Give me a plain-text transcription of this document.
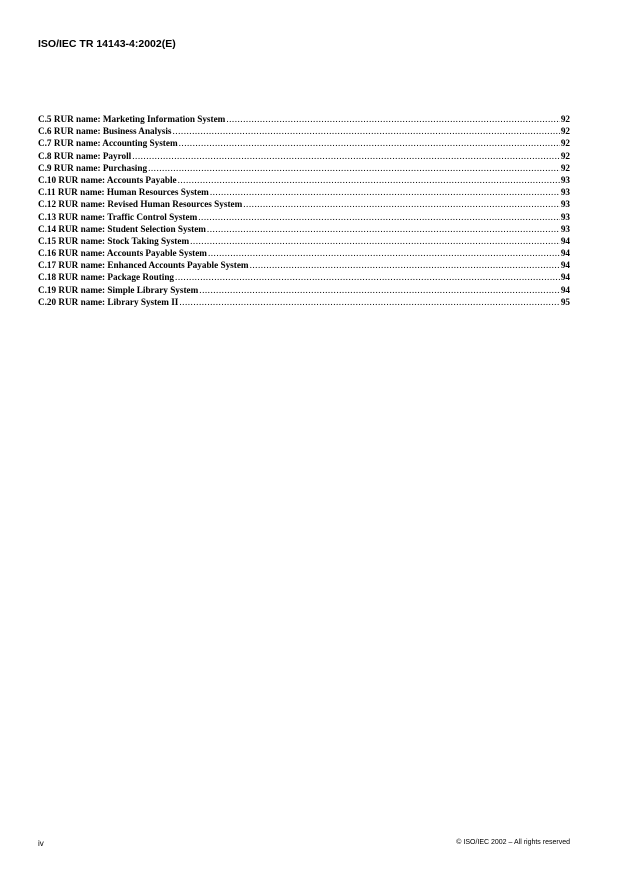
ISO/IEC TR 14143-4:2002(E)
C.5 RUR name: Marketing Information System .....	92
C.6 RUR name: Business Analysis .....	92
C.7 RUR name: Accounting System .....	92
C.8 RUR name: Payroll .....	92
C.9 RUR name: Purchasing .....	92
C.10 RUR name: Accounts Payable .....	93
C.11 RUR name: Human Resources System .....	93
C.12 RUR name: Revised Human Resources System .....	93
C.13 RUR name: Traffic Control System .....	93
C.14 RUR name: Student Selection System .....	93
C.15 RUR name: Stock Taking System .....	94
C.16 RUR name: Accounts Payable System .....	94
C.17 RUR name: Enhanced Accounts Payable System .....	94
C.18 RUR name: Package Routing .....	94
C.19 RUR name: Simple Library System .....	94
C.20 RUR name: Library System II .....	95
iv	© ISO/IEC 2002 – All rights reserved
